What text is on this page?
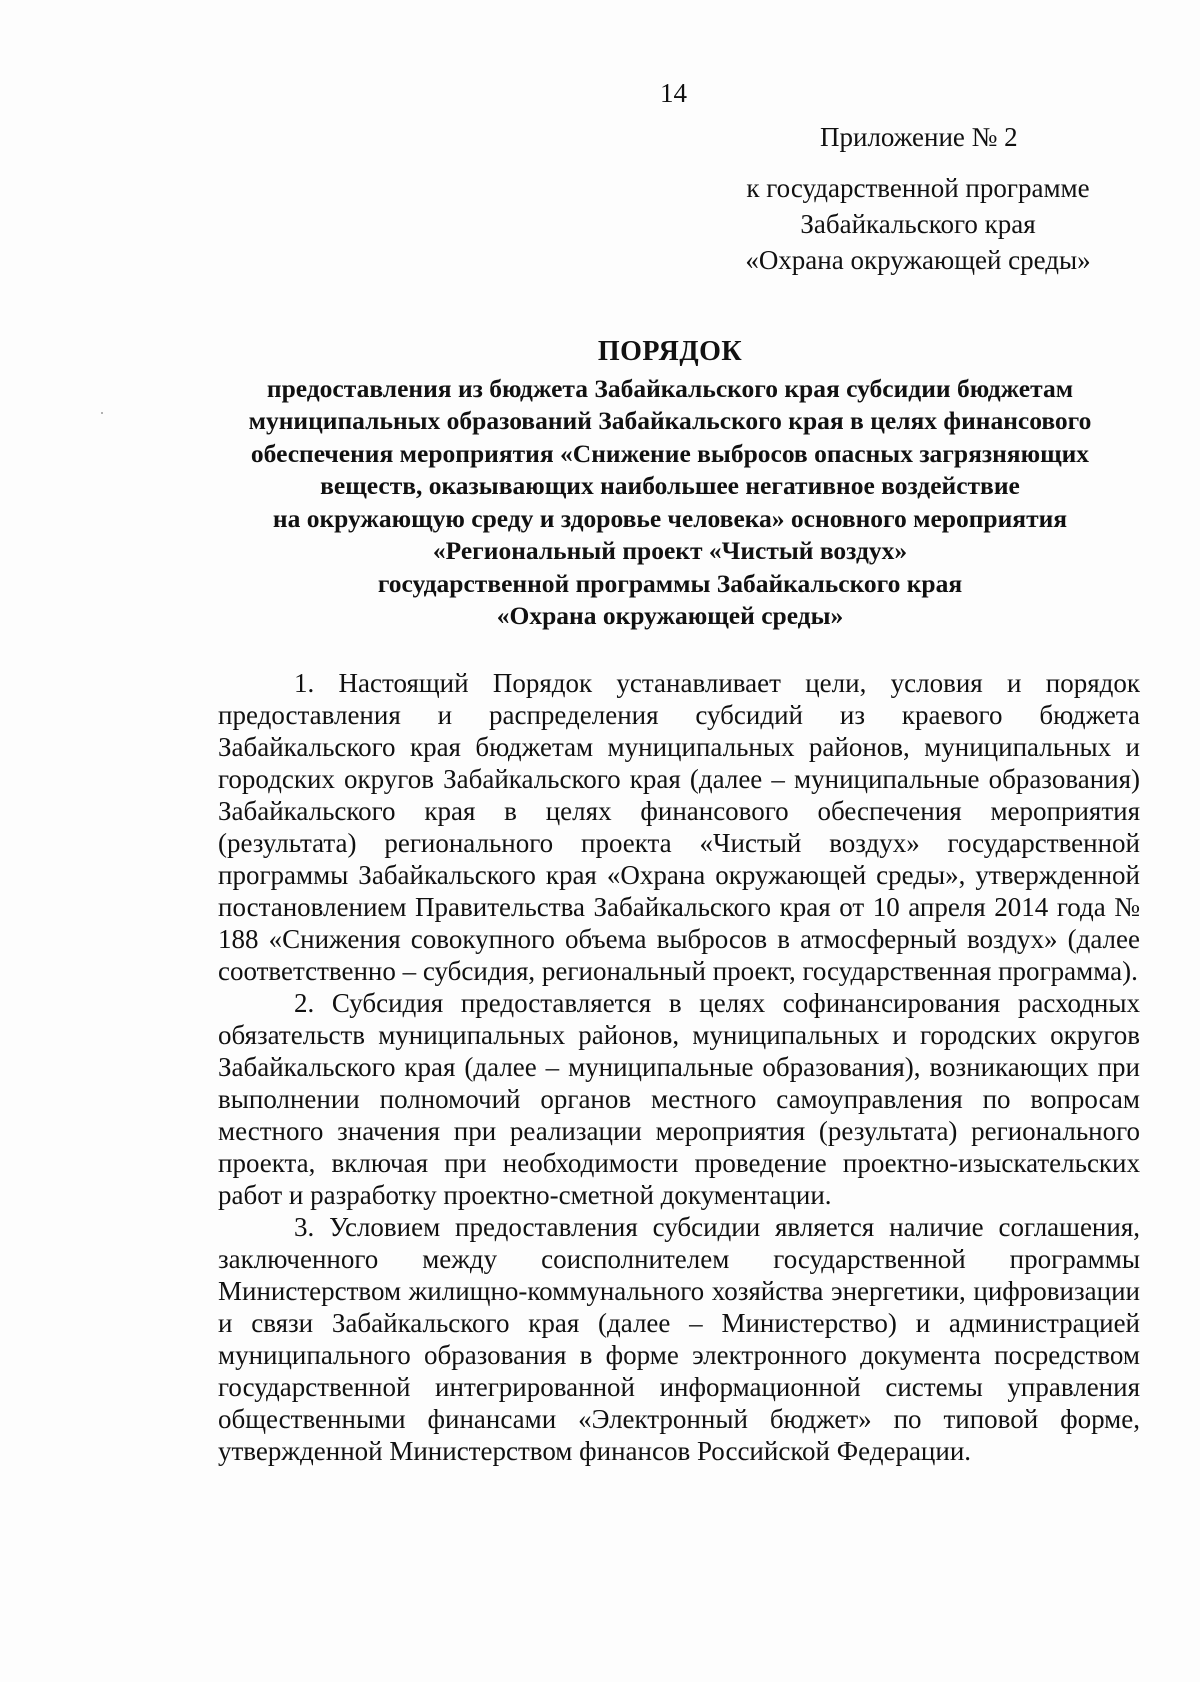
14
Приложение № 2
к государственной программе
Забайкальского края
«Охрана окружающей среды»
ПОРЯДОК
предоставления из бюджета Забайкальского края субсидии бюджетам
муниципальных образований Забайкальского края в целях финансового
обеспечения мероприятия «Снижение выбросов опасных загрязняющих
веществ, оказывающих наибольшее негативное воздействие
на окружающую среду и здоровье человека» основного мероприятия
«Региональный проект «Чистый воздух»
государственной программы Забайкальского края
«Охрана окружающей среды»

1. Настоящий Порядок устанавливает цели, условия и порядок предоставления и распределения субсидий из краевого бюджета Забайкальского края бюджетам муниципальных районов, муниципальных и городских округов Забайкальского края (далее – муниципальные образования) Забайкальского края в целях финансового обеспечения мероприятия (результата) регионального проекта «Чистый воздух» государственной программы Забайкальского края «Охрана окружающей среды», утвержденной постановлением Правительства Забайкальского края от 10 апреля 2014 года № 188 «Снижения совокупного объема выбросов в атмосферный воздух» (далее соответственно – субсидия, региональный проект, государственная программа).

2. Субсидия предоставляется в целях софинансирования расходных обязательств муниципальных районов, муниципальных и городских округов Забайкальского края (далее – муниципальные образования), возникающих при выполнении полномочий органов местного самоуправления по вопросам местного значения при реализации мероприятия (результата) регионального проекта, включая при необходимости проведение проектно-изыскательских работ и разработку проектно-сметной документации.

3. Условием предоставления субсидии является наличие соглашения, заключенного между соисполнителем государственной программы Министерством жилищно-коммунального хозяйства энергетики, цифровизации и связи Забайкальского края (далее – Министерство) и администрацией муниципального образования в форме электронного документа посредством государственной интегрированной информационной системы управления общественными финансами «Электронный бюджет» по типовой форме, утвержденной Министерством финансов Российской Федерации.
